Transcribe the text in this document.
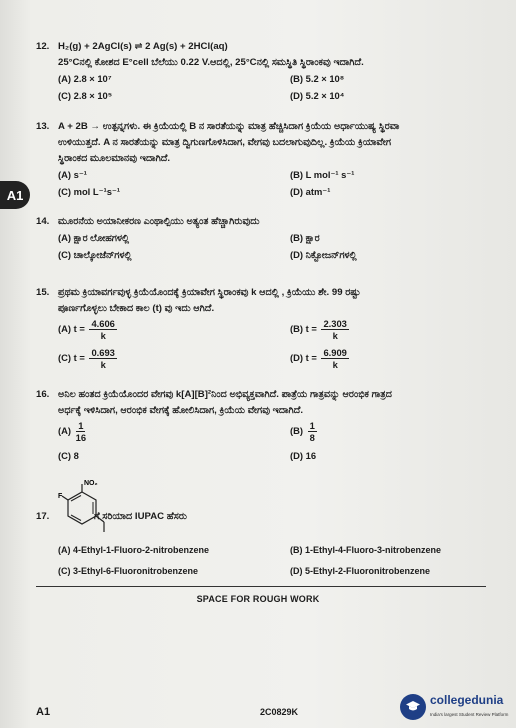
A1
12. H₂(g) + 2AgCl(s) ⇌ 2 Ag(s) + 2HCl(aq)
25°Cನಲ್ಲಿ ಕೋಶದ E°cell ಬೆಲೆಯು 0.22 V.ಆದಲ್ಲಿ, 25°Cನಲ್ಲಿ ಸಮಸ್ಥಿತಿ ಸ್ಥಿರಾಂಕವು ಇದಾಗಿದೆ.
(A) 2.8 × 10⁷	(B) 5.2 × 10⁸
(C) 2.8 × 10⁵	(D) 5.2 × 10⁴
13. A + 2B → ಉತ್ಪನ್ನಗಳು. ಈ ಕ್ರಿಯೆಯಲ್ಲಿ B ನ ಸಾರತೆಯನ್ನು ಮಾತ್ರ ಹೆಚ್ಚಿಸಿದಾಗ ಕ್ರಿಯೆಯ ಅರ್ಧಾಯುಷ್ಯ ಸ್ಥಿರವಾ
ಉಳಿಯುತ್ತದೆ. A ನ ಸಾರತೆಯನ್ನು ಮಾತ್ರ ದ್ವಿಗುಣಗೊಳಿಸಿದಾಗ, ವೇಗವು ಬದಲಾಗುವುದಿಲ್ಲ. ಕ್ರಿಯೆಯ ಕ್ರಿಯಾವೇಗ
ಸ್ಥಿರಾಂಕದ ಮೂಲಮಾನವು ಇದಾಗಿದೆ.
(A) s⁻¹	(B) L mol⁻¹ s⁻¹
(C) mol L⁻¹s⁻¹	(D) atm⁻¹
14. ಮೂರನೆಯ ಅಯಾನೀಕರಣ ಎಂಥಾಲ್ಪಿಯು ಅತ್ಯಂತ ಹೆಚ್ಚಾಗಿರುವುದು
(A) ಕ್ಷಾರ ಲೋಹಗಳಲ್ಲಿ	(B) ಕ್ಷಾರ
(C) ಚಾಲ್ಕೋಜೆನ್‌ಗಳಲ್ಲಿ	(D) ನಿಕ್ಟೋಜನ್‌ಗಳಲ್ಲಿ
15. ಪ್ರಥಮ ಕ್ರಿಯಾವರ್ಗವುಳ್ಳ ಕ್ರಿಯೆಯೊಂದಕ್ಕೆ ಕ್ರಿಯಾವೇಗ ಸ್ಥಿರಾಂಕವು k ಆದಲ್ಲಿ , ಕ್ರಿಯೆಯು ಶೇ. 99 ರಷ್ಟು
ಪೂರ್ಣಗೊಳ್ಳಲು ಬೇಕಾದ ಕಾಲ (t) ವು ಇದು ಆಗಿದೆ.
(A) $t = \frac{4.606}{k}$	(B) $t = \frac{2.303}{k}$
(C) $t = \frac{0.693}{k}$	(D) $t = \frac{6.909}{k}$
16. ಅನಿಲ ಹಂತದ ಕ್ರಿಯೆಯೊಂದರ ವೇಗವು k[A][B]²ನಿಂದ ಅಭಿವ್ಯಕ್ತವಾಗಿದೆ. ಪಾತ್ರೆಯ ಗಾತ್ರವನ್ನು ಆರಂಭಿಕ ಗಾತ್ರದ
ಅರ್ಧಕ್ಕೆ ಇಳಿಸಿದಾಗ, ಆರಂಭಿಕ ವೇಗಕ್ಕೆ ಹೋಲಿಸಿದಾಗ, ಕ್ರಿಯೆಯ ವೇಗವು ಇದಾಗಿದೆ.
$(A) \frac{1}{16}$	$(B) \frac{1}{8}$
(C) 8	(D) 16
NO₂
F
17.	ಗೆ ಸರಿಯಾದ IUPAC ಹೆಸರು
(A) 4-Ethyl-1-Fluoro-2-nitrobenzene	(B) 1-Ethyl-4-Fluoro-3-nitrobenzene
(C) 3-Ethyl-6-Fluoronitrobenzene	(D) 5-Ethyl-2-Fluoronitrobenzene
SPACE FOR ROUGH WORK
A1	2C0829K
collegedunia
India's largest Student Review Platform
